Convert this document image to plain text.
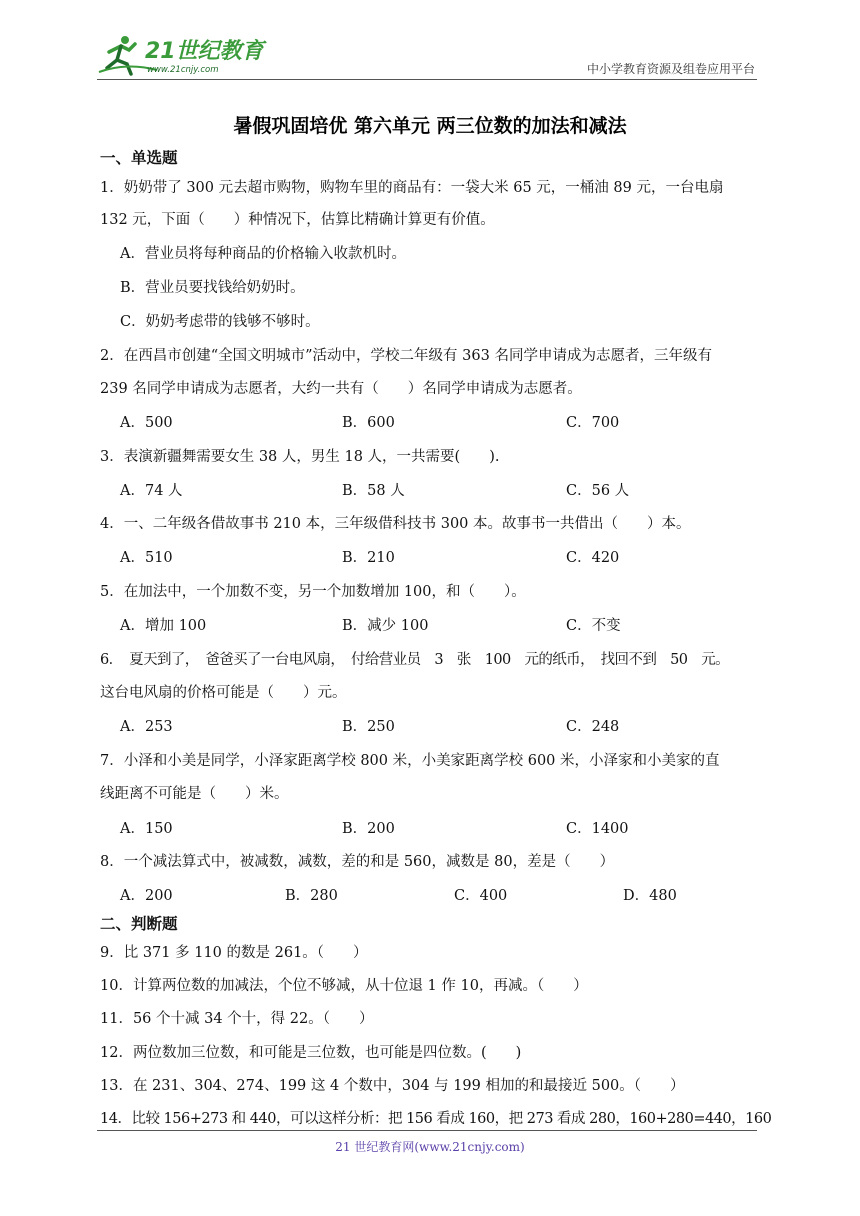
21世纪教育
www.21cnjy.com	中小学教育资源及组卷应用平台
暑假巩固培优 第六单元 两三位数的加法和减法
一、单选题
1．奶奶带了 300 元去超市购物，购物车里的商品有：一袋大米 65 元，一桶油 89 元，一台电扇
132 元，下面（　　）种情况下，估算比精确计算更有价值。
A．营业员将每种商品的价格输入收款机时。
B．营业员要找钱给奶奶时。
C．奶奶考虑带的钱够不够时。
2．在西昌市创建“全国文明城市”活动中，学校二年级有 363 名同学申请成为志愿者，三年级有
239 名同学申请成为志愿者，大约一共有（　　）名同学申请成为志愿者。
A．500	B．600	C．700
3．表演新疆舞需要女生 38 人，男生 18 人，一共需要(　　).
A．74 人	B．58 人	C．56 人
4．一、二年级各借故事书 210 本，三年级借科技书 300 本。故事书一共借出（　　）本。
A．510	B．210	C．420
5．在加法中，一个加数不变，另一个加数增加 100，和（　　）。
A．增加 100	B．减少 100	C．不变
6．　夏天到了，　爸爸买了一台电风扇，　付给营业员　3　张　100　元的纸币，　找回不到　50　元。
这台电风扇的价格可能是（　　）元。
A．253	B．250	C．248
7．小泽和小美是同学，小泽家距离学校 800 米，小美家距离学校 600 米，小泽家和小美家的直
线距离不可能是（　　）米。
A．150	B．200	C．1400
8．一个减法算式中，被减数，减数，差的和是 560，减数是 80，差是（　　）
A．200	B．280	C．400	D．480
二、判断题
9．比 371 多 110 的数是 261。（　　）
10．计算两位数的加减法，个位不够减，从十位退 1 作 10，再减。（　　）
11．56 个十减 34 个十，得 22。（　　）
12．两位数加三位数，和可能是三位数，也可能是四位数。(　　)
13．在 231、304、274、199 这 4 个数中，304 与 199 相加的和最接近 500。（　　）
14．比较 156+273 和 440，可以这样分析：把 156 看成 160，把 273 看成 280，160+280=440，160
21 世纪教育网(www.21cnjy.com)
